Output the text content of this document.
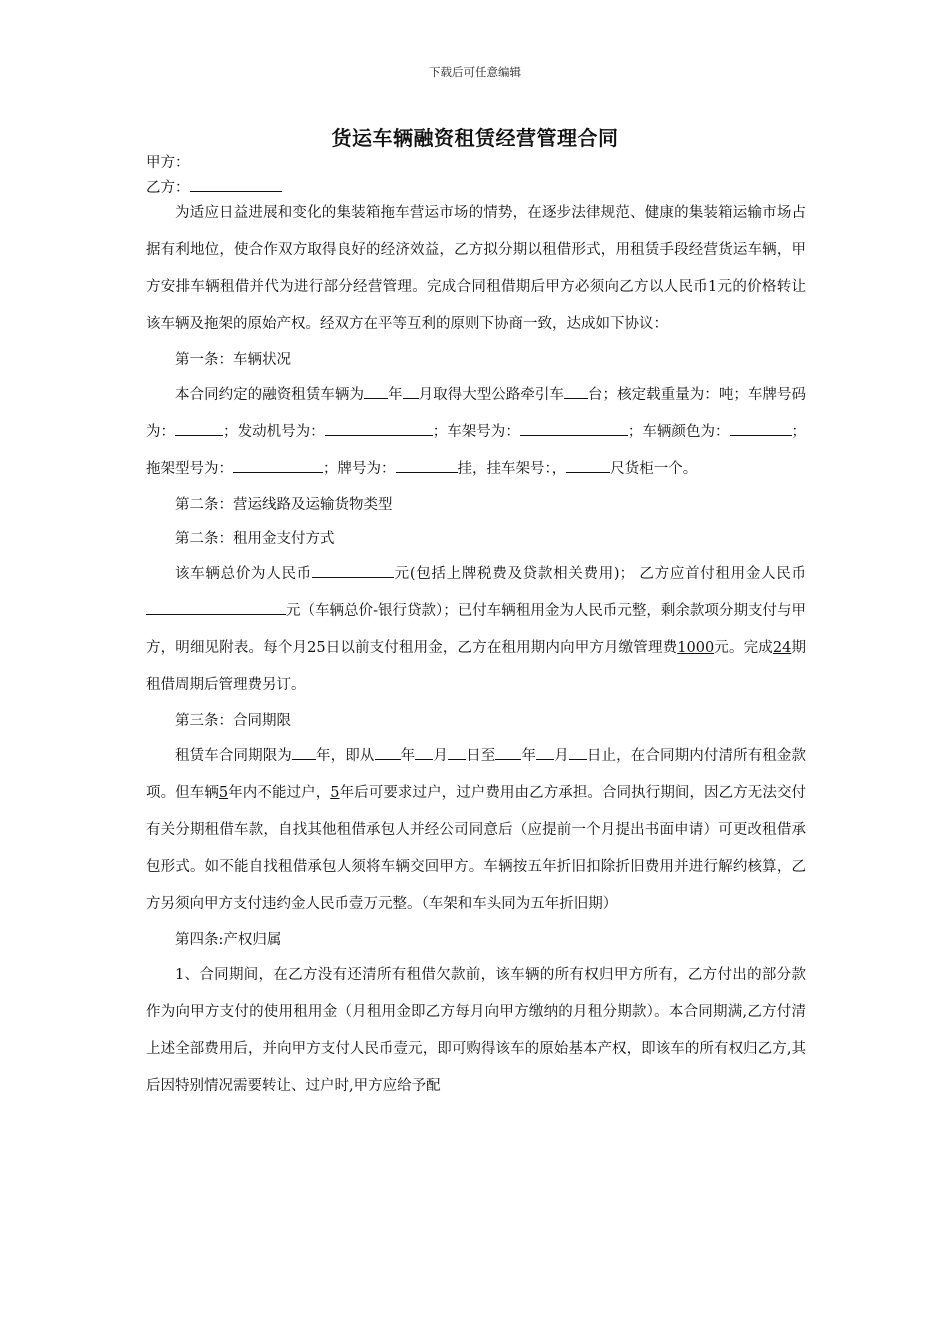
下载后可任意编辑
货运车辆融资租赁经营管理合同
甲方：
乙方：

为适应日益进展和变化的集装箱拖车营运市场的情势，在逐步法律规范、健康的集装箱运输市场占据有利地位，使合作双方取得良好的经济效益，乙方拟分期以租借形式，用租赁手段经营货运车辆，甲方安排车辆租借并代为进行部分经营管理。完成合同租借期后甲方必须向乙方以人民币1元的价格转让该车辆及拖架的原始产权。经双方在平等互利的原则下协商一致，达成如下协议：

第一条：车辆状况

本合同约定的融资租赁车辆为 年 月取得大型公路牵引车 台；核定载重量为：吨；车牌号码为：	；发动机号为：	；车架号为：	；车辆颜色为：	；拖架型号为：	；牌号为：	挂，挂车架号：，	尺货柜一个。

第二条：营运线路及运输货物类型

第二条：租用金支付方式

该车辆总价为人民币	元(包括上牌税费及贷款相关费用)； 乙方应首付租用金人民币元（车辆总价-银行贷款）；已付车辆租用金为人民币元整，剩余款项分期支付与甲方，明细见附表。每个月25日以前支付租用金，乙方在租用期内向甲方月缴管理费1000元。完成24期租借周期后管理费另订。

第三条：合同期限

租赁车合同期限为 年，即从 年 月 日至 年 月 日止，在合同期内付清所有租金款项。但车辆5年内不能过户，5年后可要求过户，过户费用由乙方承担。合同执行期间，因乙方无法交付有关分期租借车款，自找其他租借承包人并经公司同意后（应提前一个月提出书面申请）可更改租借承包形式。如不能自找租借承包人须将车辆交回甲方。车辆按五年折旧扣除折旧费用并进行解约核算，乙方另须向甲方支付违约金人民币壹万元整。（车架和车头同为五年折旧期）

第四条:产权归属

1、合同期间，在乙方没有还清所有租借欠款前，该车辆的所有权归甲方所有，乙方付出的部分款作为向甲方支付的使用租用金（月租用金即乙方每月向甲方缴纳的月租分期款）。本合同期满,乙方付清上述全部费用后，并向甲方支付人民币壹元，即可购得该车的原始基本产权，即该车的所有权归乙方,其后因特别情况需要转让、过户时,甲方应给予配
